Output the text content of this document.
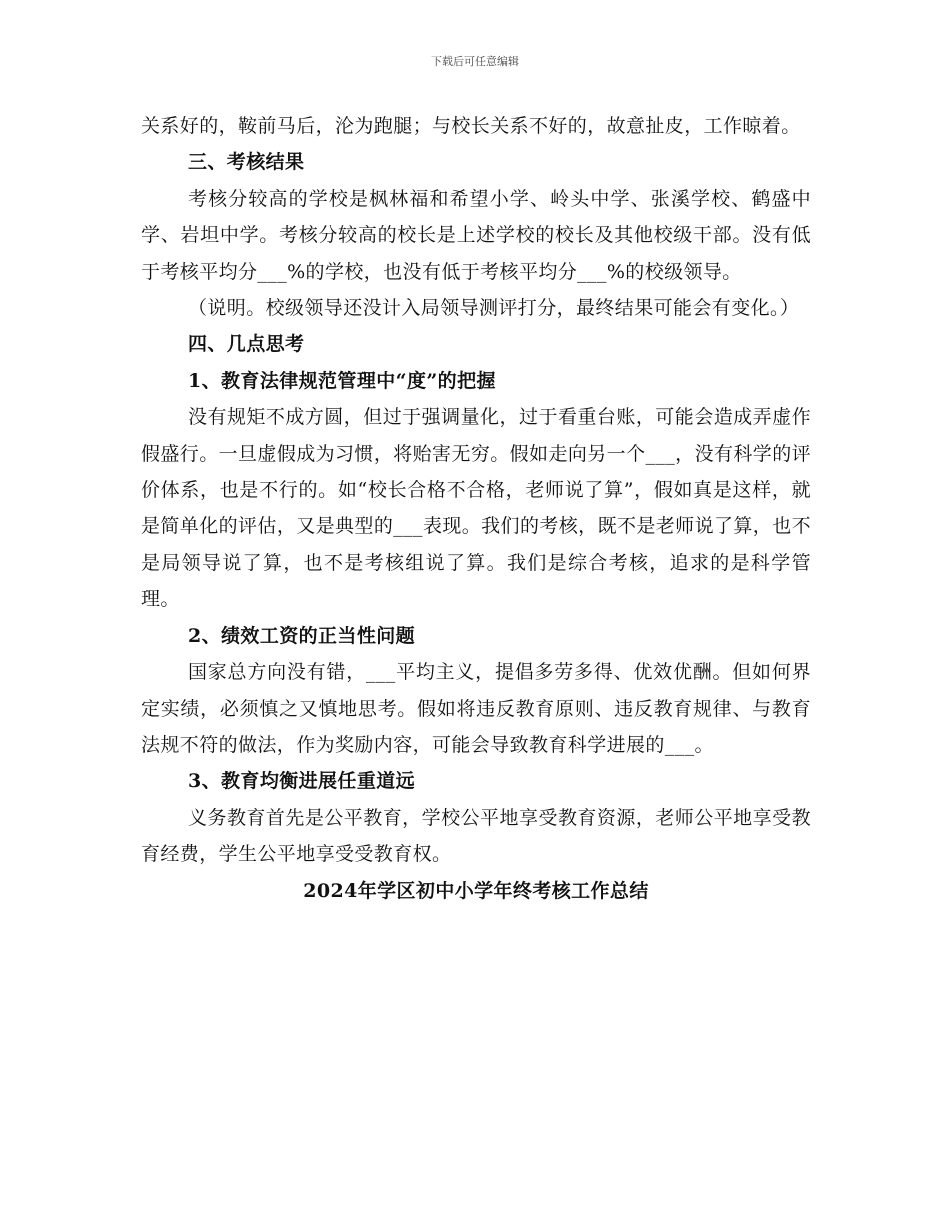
下载后可任意编辑

关系好的，鞍前马后，沦为跑腿；与校长关系不好的，故意扯皮，工作晾着。

三、考核结果

考核分较高的学校是枫林福和希望小学、岭头中学、张溪学校、鹤盛中学、岩坦中学。考核分较高的校长是上述学校的校长及其他校级干部。没有低于考核平均分___%的学校，也没有低于考核平均分___%的校级领导。

（说明。校级领导还没计入局领导测评打分，最终结果可能会有变化。）

四、几点思考

1、教育法律规范管理中“度”的把握

没有规矩不成方圆，但过于强调量化，过于看重台账，可能会造成弄虚作假盛行。一旦虚假成为习惯，将贻害无穷。假如走向另一个___，没有科学的评价体系，也是不行的。如“校长合格不合格，老师说了算”，假如真是这样，就是简单化的评估，又是典型的___表现。我们的考核，既不是老师说了算，也不是局领导说了算，也不是考核组说了算。我们是综合考核，追求的是科学管理。

2、绩效工资的正当性问题

国家总方向没有错，___平均主义，提倡多劳多得、优效优酬。但如何界定实绩，必须慎之又慎地思考。假如将违反教育原则、违反教育规律、与教育法规不符的做法，作为奖励内容，可能会导致教育科学进展的___。

3、教育均衡进展任重道远

义务教育首先是公平教育，学校公平地享受教育资源，老师公平地享受教育经费，学生公平地享受受教育权。

2024年学区初中小学年终考核工作总结
